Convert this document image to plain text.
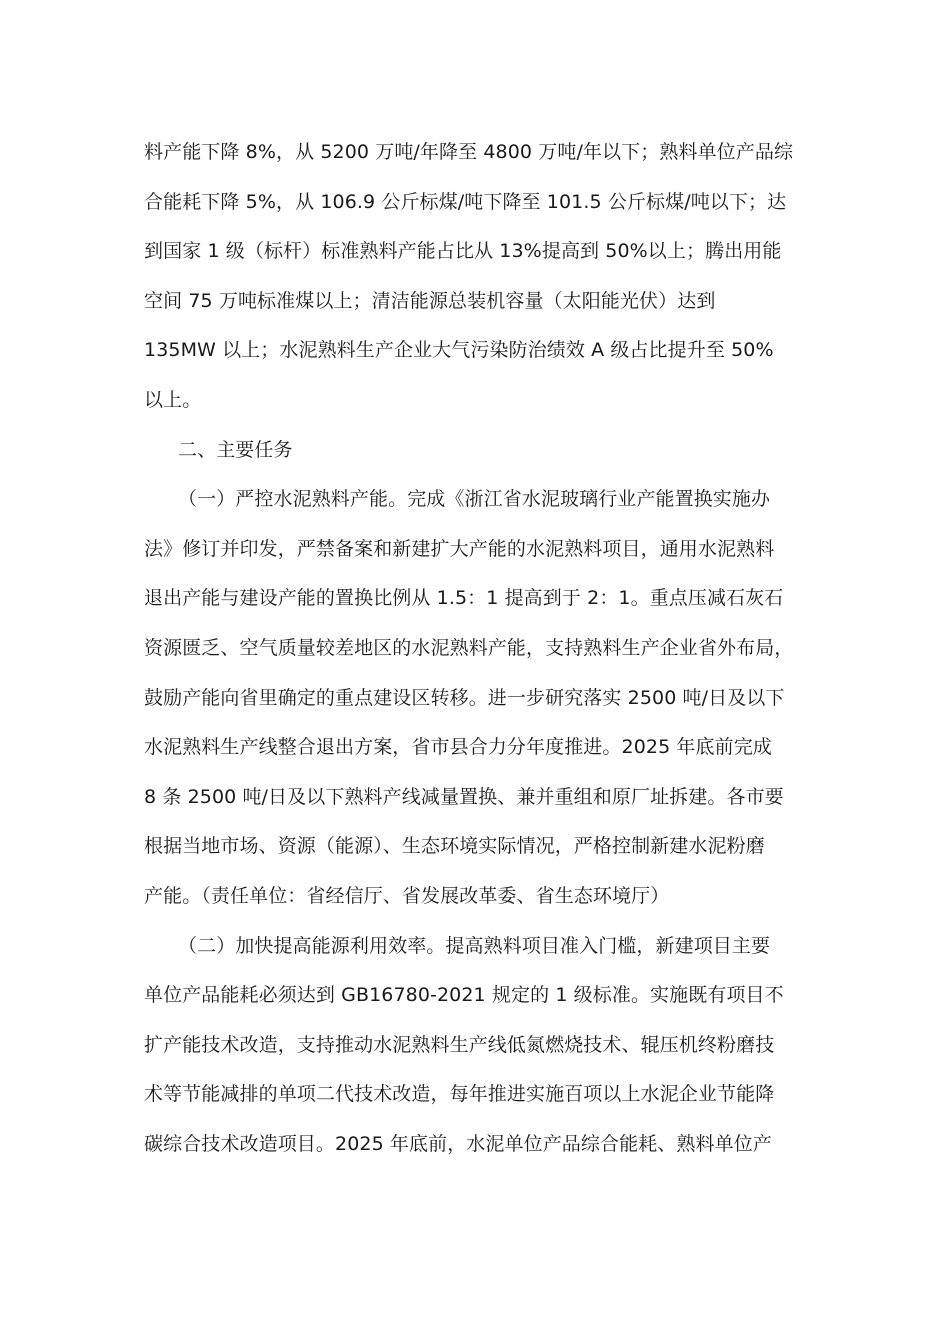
料产能下降 8%，从 5200 万吨/年降至 4800 万吨/年以下；熟料单位产品综
合能耗下降 5%，从 106.9 公斤标煤/吨下降至 101.5 公斤标煤/吨以下；达
到国家 1 级（标杆）标准熟料产能占比从 13%提高到 50%以上；腾出用能
空间 75 万吨标准煤以上；清洁能源总装机容量（太阳能光伏）达到
135MW 以上；水泥熟料生产企业大气污染防治绩效 A 级占比提升至 50%
以上。
二、主要任务
（一）严控水泥熟料产能。完成《浙江省水泥玻璃行业产能置换实施办
法》修订并印发，严禁备案和新建扩大产能的水泥熟料项目，通用水泥熟料
退出产能与建设产能的置换比例从 1.5：1 提高到于 2：1。重点压减石灰石
资源匮乏、空气质量较差地区的水泥熟料产能，支持熟料生产企业省外布局，
鼓励产能向省里确定的重点建设区转移。进一步研究落实 2500 吨/日及以下
水泥熟料生产线整合退出方案，省市县合力分年度推进。2025 年底前完成
8 条 2500 吨/日及以下熟料产线减量置换、兼并重组和原厂址拆建。各市要
根据当地市场、资源（能源）、生态环境实际情况，严格控制新建水泥粉磨
产能。（责任单位：省经信厅、省发展改革委、省生态环境厅）
（二）加快提高能源利用效率。提高熟料项目准入门槛，新建项目主要
单位产品能耗必须达到 GB16780-2021 规定的 1 级标准。实施既有项目不
扩产能技术改造，支持推动水泥熟料生产线低氮燃烧技术、辊压机终粉磨技
术等节能减排的单项二代技术改造，每年推进实施百项以上水泥企业节能降
碳综合技术改造项目。2025 年底前，水泥单位产品综合能耗、熟料单位产
